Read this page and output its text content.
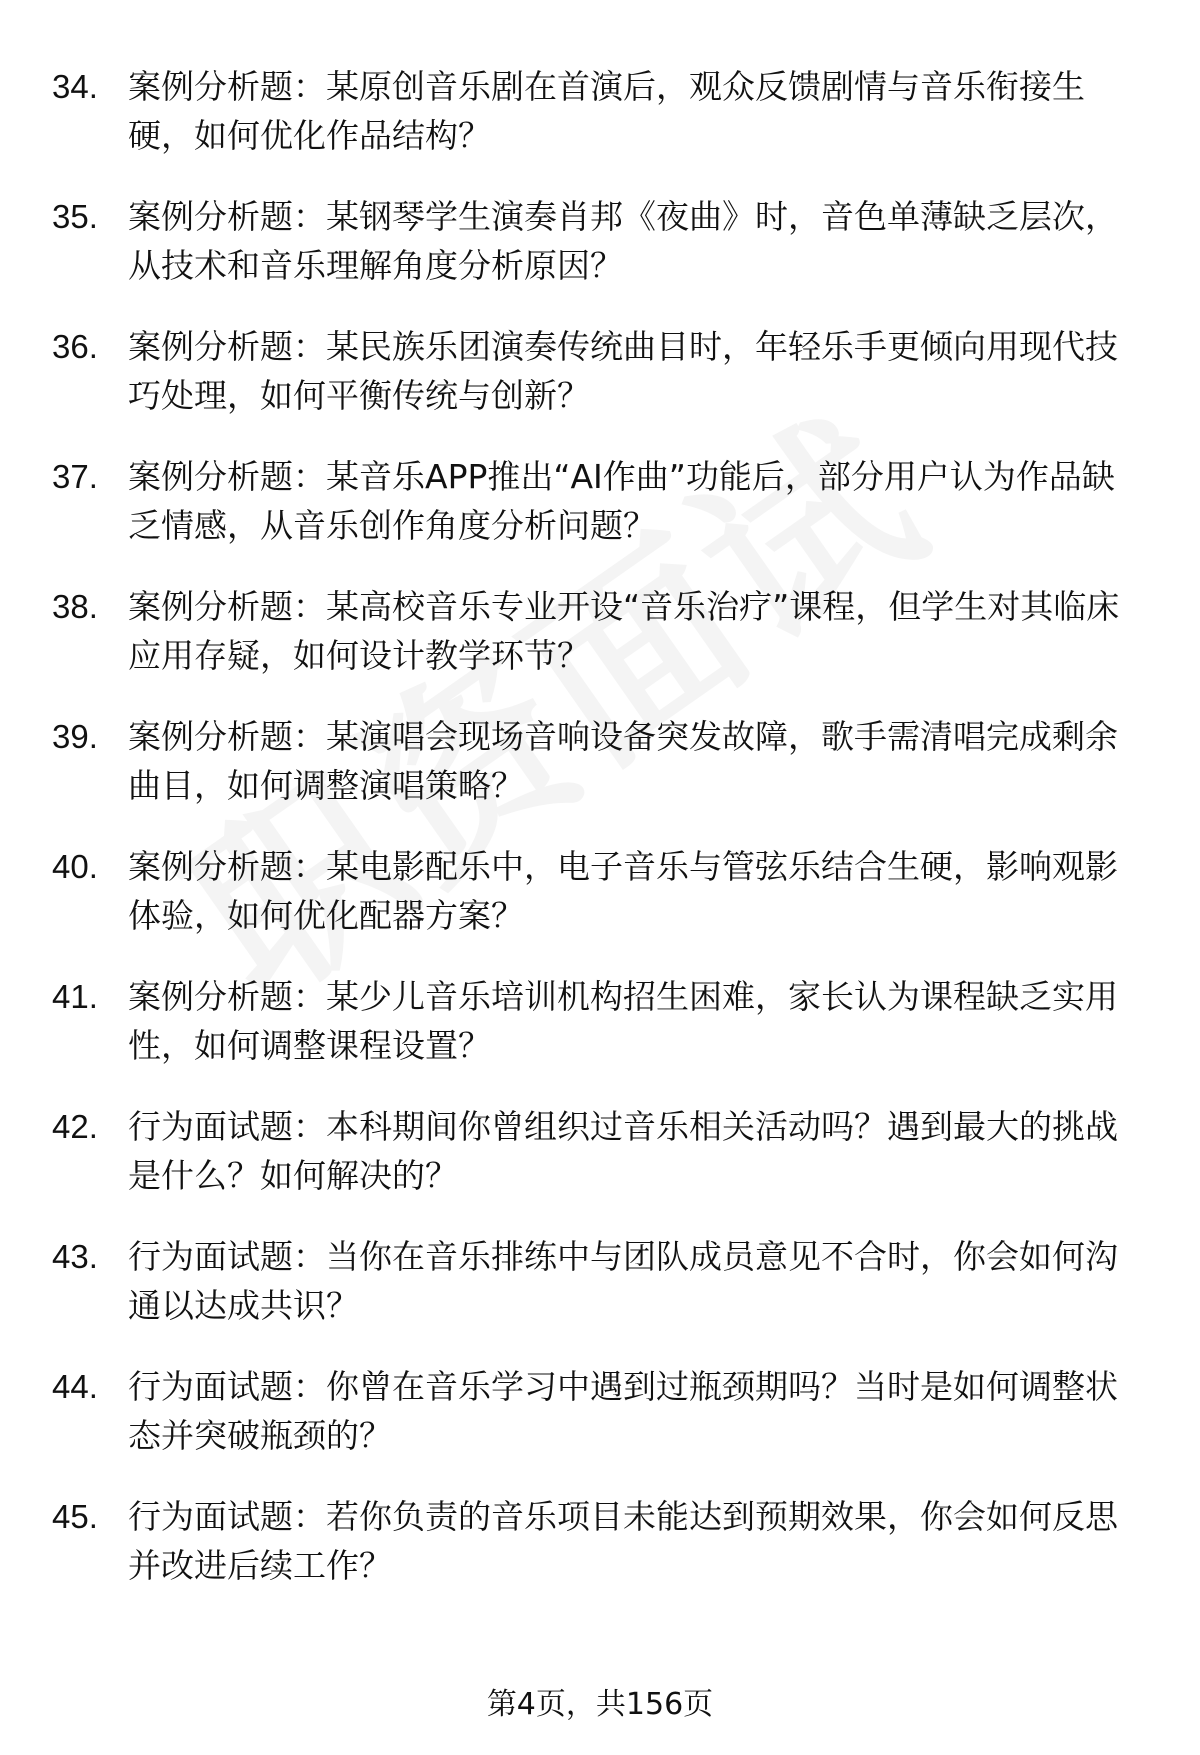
34. 案例分析题：某原创音乐剧在首演后，观众反馈剧情与音乐衔接生硬，如何优化作品结构？
35. 案例分析题：某钢琴学生演奏肖邦《夜曲》时，音色单薄缺乏层次，从技术和音乐理解角度分析原因？
36. 案例分析题：某民族乐团演奏传统曲目时，年轻乐手更倾向用现代技巧处理，如何平衡传统与创新？
37. 案例分析题：某音乐APP推出“AI作曲”功能后，部分用户认为作品缺乏情感，从音乐创作角度分析问题？
38. 案例分析题：某高校音乐专业开设“音乐治疗”课程，但学生对其临床应用存疑，如何设计教学环节？
39. 案例分析题：某演唱会现场音响设备突发故障，歌手需清唱完成剩余曲目，如何调整演唱策略？
40. 案例分析题：某电影配乐中，电子音乐与管弦乐结合生硬，影响观影体验，如何优化配器方案？
41. 案例分析题：某少儿音乐培训机构招生困难，家长认为课程缺乏实用性，如何调整课程设置？
42. 行为面试题：本科期间你曾组织过音乐相关活动吗？遇到最大的挑战是什么？如何解决的？
43. 行为面试题：当你在音乐排练中与团队成员意见不合时，你会如何沟通以达成共识？
44. 行为面试题：你曾在音乐学习中遇到过瓶颈期吗？当时是如何调整状态并突破瓶颈的？
45. 行为面试题：若你负责的音乐项目未能达到预期效果，你会如何反思并改进后续工作？
第4页，共156页
